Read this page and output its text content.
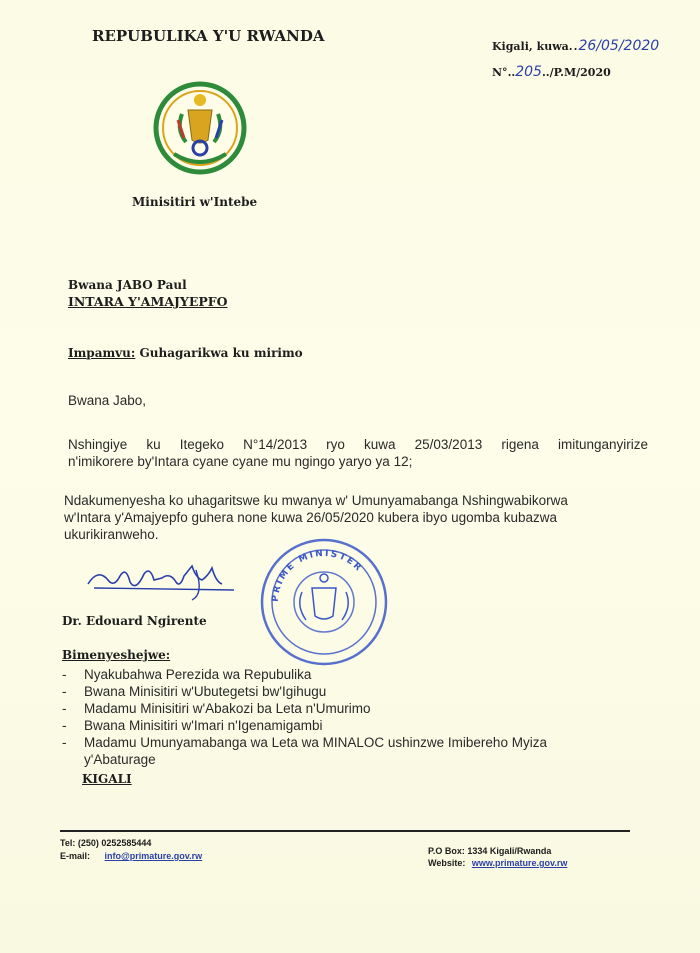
REPUBULIKA Y'U RWANDA
Kigali, kuwa..26/05/2020
N°..205../P.M/2020
Minisitiri w'Intebe
Bwana JABO Paul
INTARA Y'AMAJYEPFO
Impamvu: Guhagarikwa ku mirimo
Bwana Jabo,
Nshingiye ku Itegeko N°14/2013 ryo kuwa 25/03/2013 rigena imitunganyirize
n'imikorere by'Intara cyane cyane mu ngingo yaryo ya 12;
Ndakumenyesha ko uhagaritswe ku mwanya w' Umunyamabanga Nshingwabikorwa
w'Intara y'Amajyepfo guhera none kuwa 26/05/2020 kubera ibyo ugomba kubazwa
ukurikiranweho.
PRIME MINISTER
Dr. Edouard Ngirente
Bimenyeshejwe:
- Nyakubahwa Perezida wa Repubulika
- Bwana Minisitiri w'Ubutegetsi bw'Igihugu
- Madamu Minisitiri w'Abakozi ba Leta n'Umurimo
- Bwana Minisitiri w'Imari n'Igenamigambi
- Madamu Umunyamabanga wa Leta wa MINALOC ushinzwe Imibereho Myiza
y'Abaturage
KIGALI
Tel: (250) 0252585444
E-mail: info@primature.gov.rw	P.O Box: 1334 Kigali/Rwanda
Website: www.primature.gov.rw
